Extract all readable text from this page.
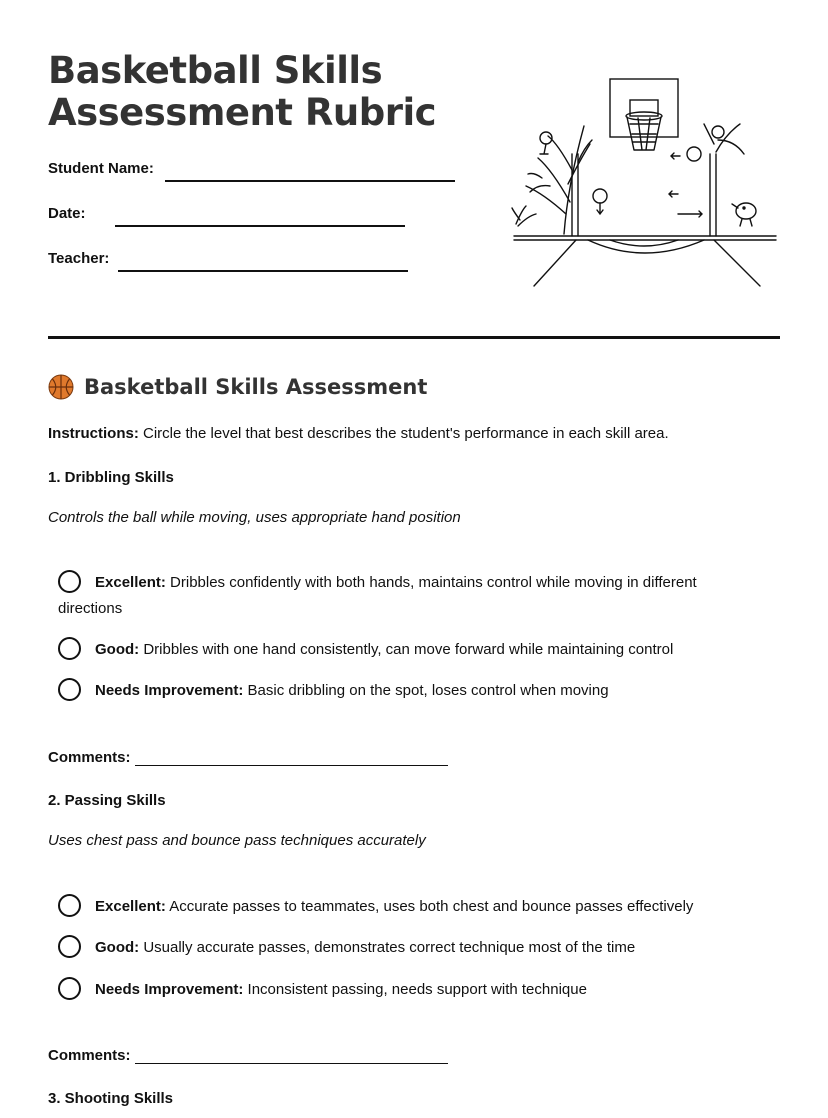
Basketball Skills
Assessment Rubric
Student Name:
Date:
Teacher:
Basketball Skills Assessment
Instructions: Circle the level that best describes the student's performance in each skill area.
1. Dribbling Skills
Controls the ball while moving, uses appropriate hand position
Excellent: Dribbles confidently with both hands, maintains control while moving in different directions
Good: Dribbles with one hand consistently, can move forward while maintaining control
Needs Improvement: Basic dribbling on the spot, loses control when moving
Comments:
2. Passing Skills
Uses chest pass and bounce pass techniques accurately
Excellent: Accurate passes to teammates, uses both chest and bounce passes effectively
Good: Usually accurate passes, demonstrates correct technique most of the time
Needs Improvement: Inconsistent passing, needs support with technique
Comments:
3. Shooting Skills
